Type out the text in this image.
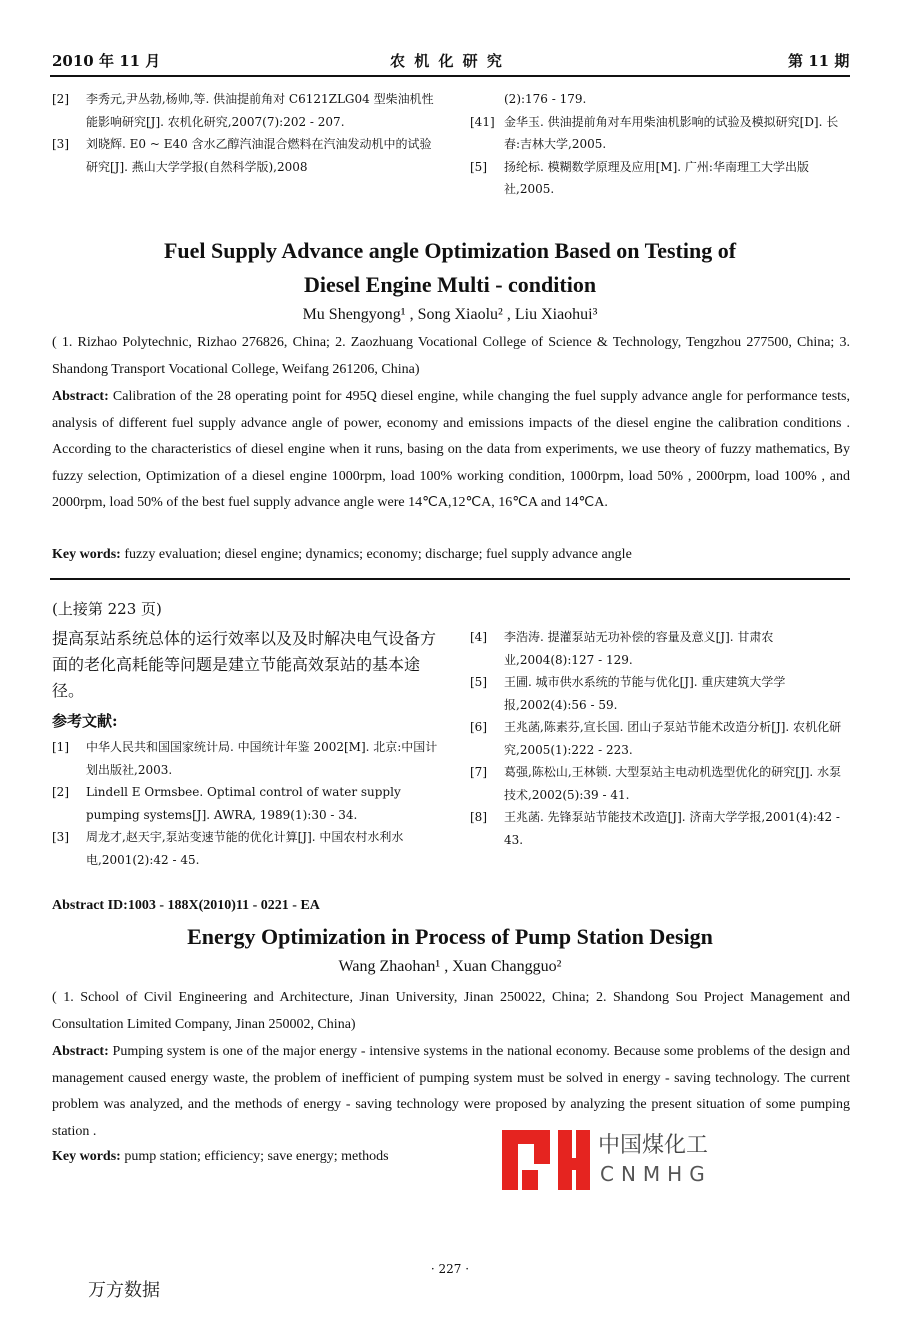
2010 年 11 月	农 机 化 研 究	第 11 期
[2]	李秀元,尹丛勃,杨帅,等. 供油提前角对 C6121ZLG04 型柴油机性能影响研究[J]. 农机化研究,2007(7):202 - 207.
[3]	刘晓辉. E0 ~ E40 含水乙醇汽油混合燃料在汽油发动机中的试验研究[J]. 燕山大学学报(自然科学版),2008
(2):176 - 179.
[41] 金华玉. 供油提前角对车用柴油机影响的试验及模拟研究[D]. 长春:吉林大学,2005.
[5]	扬纶标. 模糊数学原理及应用[M]. 广州:华南理工大学出版社,2005.
Fuel Supply Advance angle Optimization Based on Testing of
Diesel Engine Multi - condition
Mu Shengyong¹ , Song Xiaolu² , Liu Xiaohui³
( 1. Rizhao Polytechnic, Rizhao 276826, China; 2. Zaozhuang Vocational College of Science & Technology, Tengzhou 277500, China; 3. Shandong Transport Vocational College, Weifang 261206, China)
Abstract: Calibration of the 28 operating point for 495Q diesel engine, while changing the fuel supply advance angle for performance tests, analysis of different fuel supply advance angle of power, economy and emissions impacts of the diesel engine the calibration conditions . According to the characteristics of diesel engine when it runs, basing on the data from experiments, we use theory of fuzzy mathematics, By fuzzy selection, Optimization of a diesel engine 1000rpm, load 100% working condition, 1000rpm, load 50% , 2000rpm, load 100% , and 2000rpm, load 50% of the best fuel supply advance angle were 14℃A,12℃A, 16℃A and 14℃A.
Key words: fuzzy evaluation; diesel engine; dynamics; economy; discharge; fuel supply advance angle
(上接第 223 页)
提高泵站系统总体的运行效率以及及时解决电气设备方面的老化高耗能等问题是建立节能高效泵站的基本途径。
参考文献:
[1]	中华人民共和国国家统计局. 中国统计年鉴 2002[M]. 北京:中国计划出版社,2003.
[2]	Lindell E Ormsbee. Optimal control of water supply pumping systems[J]. AWRA, 1989(1):30 - 34.
[3]	周龙才,赵天宇,泵站变速节能的优化计算[J]. 中国农村水利水电,2001(2):42 - 45.
[4]	李浩涛. 提灌泵站无功补偿的容量及意义[J]. 甘肃农业,2004(8):127 - 129.
[5]	王圃. 城市供水系统的节能与优化[J]. 重庆建筑大学学报,2002(4):56 - 59.
[6]	王兆菡,陈素芬,宣长国. 团山子泵站节能术改造分析[J]. 农机化研究,2005(1):222 - 223.
[7]	葛强,陈松山,王林锁. 大型泵站主电动机选型优化的研究[J]. 水泵技术,2002(5):39 - 41.
[8]	王兆菡. 先锋泵站节能技术改造[J]. 济南大学学报,2001(4):42 - 43.
Abstract ID:1003 - 188X(2010)11 - 0221 - EA
Energy Optimization in Process of Pump Station Design
Wang Zhaohan¹ , Xuan Changguo²
( 1. School of Civil Engineering and Architecture, Jinan University, Jinan 250022, China; 2. Shandong Sou Project Management and Consultation Limited Company, Jinan 250002, China)
Abstract: Pumping system is one of the major energy - intensive systems in the national economy. Because some problems of the design and management caused energy waste, the problem of inefficient of pumping system must be solved in energy - saving technology. The current problem was analyzed, and the methods of energy - saving technology were proposed by analyzing the present situation of some pumping station .
Key words: pump station; efficiency; save energy; methods	中国煤化工
CNMHG
· 227 ·
万方数据
